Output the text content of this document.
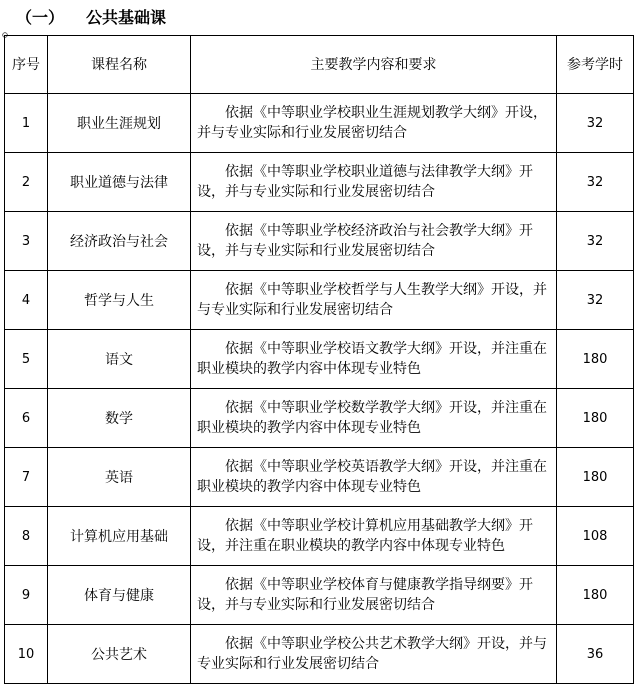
（一）	公共基础课
序号	课程名称	主要教学内容和要求	参考学时
1	职业生涯规划	依据《中等职业学校职业生涯规划教学大纲》开设，并与专业实际和行业发展密切结合	32
2	职业道德与法律	依据《中等职业学校职业道德与法律教学大纲》开设，并与专业实际和行业发展密切结合	32
3	经济政治与社会	依据《中等职业学校经济政治与社会教学大纲》开设，并与专业实际和行业发展密切结合	32
4	哲学与人生	依据《中等职业学校哲学与人生教学大纲》开设，并与专业实际和行业发展密切结合	32
5	语文	依据《中等职业学校语文教学大纲》开设，并注重在职业模块的教学内容中体现专业特色	180
6	数学	依据《中等职业学校数学教学大纲》开设，并注重在职业模块的教学内容中体现专业特色	180
7	英语	依据《中等职业学校英语教学大纲》开设，并注重在职业模块的教学内容中体现专业特色	180
8	计算机应用基础	依据《中等职业学校计算机应用基础教学大纲》开设，并注重在职业模块的教学内容中体现专业特色	108
9	体育与健康	依据《中等职业学校体育与健康教学指导纲要》开设，并与专业实际和行业发展密切结合	180
10	公共艺术	依据《中等职业学校公共艺术教学大纲》开设，并与专业实际和行业发展密切结合	36
